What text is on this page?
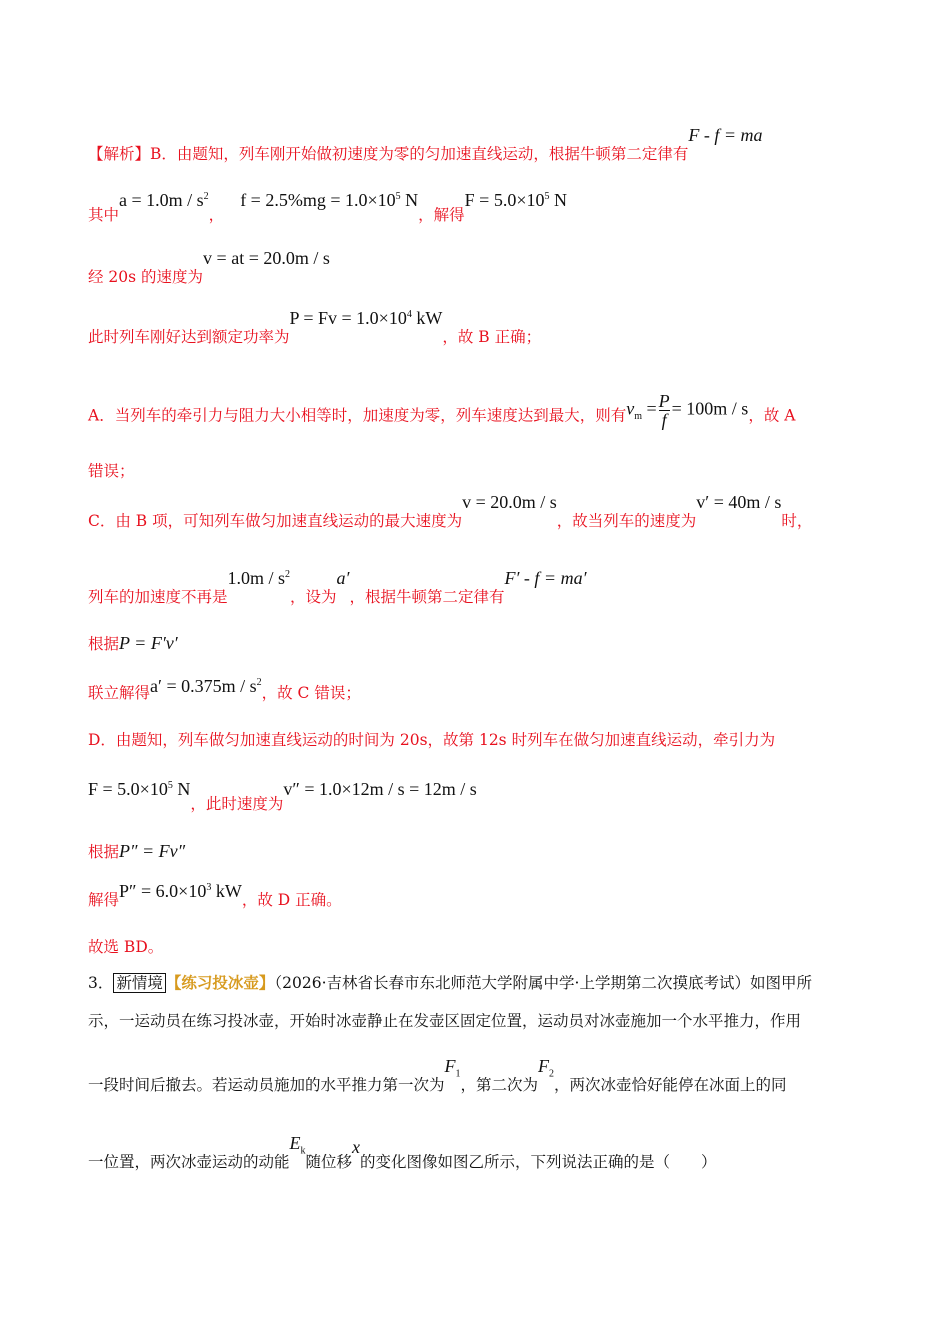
【解析】B．由题知，列车刚开始做初速度为零的匀加速直线运动，根据牛顿第二定律有F - f = ma
其中$a = 1.0m / s^2$，$f = 2.5\%mg = 1.0\times 10^5$ N，解得$F = 5.0\times 10^5$ N
经 20s 的速度为v = at = 20.0m / s
此时列车刚好达到额定功率为$P = Fv = 1.0\times 10^4$ kW，故 B 正确；
A．当列车的牵引力与阻力大小相等时，加速度为零，列车速度达到最大，则有$v_m = \frac{P}{f} = 100m / s$，故 A
错误；
C．由 B 项，可知列车做匀加速直线运动的最大速度为v = 20.0m / s，故当列车的速度为v′ = 40m / s时，
列车的加速度不再是$1.0m / s^2$，设为a′，根据牛顿第二定律有F′ - f = ma′
根据P = F′v′
联立解得$a' = 0.375m / s^2$，故 C 错误；
D．由题知，列车做匀加速直线运动的时间为 20s，故第 12s 时列车在做匀加速直线运动，牵引力为
$F = 5.0\times 10^5$ N，此时速度为v″ = 1.0×12m / s = 12m / s
根据P″ = Fv″
解得$P'' = 6.0\times 10^3$ kW，故 D 正确。
故选 BD。
3． 新情境 【练习投冰壶】（2026·吉林省长春市东北师范大学附属中学·上学期第二次摸底考试）如图甲所
示，一运动员在练习投冰壶，开始时冰壶静止在发壶区固定位置，运动员对冰壶施加一个水平推力，作用
一段时间后撤去。若运动员施加的水平推力第一次为$F_1$，第二次为$F_2$，两次冰壶恰好能停在冰面上的同
一位置，两次冰壶运动的动能$E_k$随位移x的变化图像如图乙所示，下列说法正确的是（　　）
